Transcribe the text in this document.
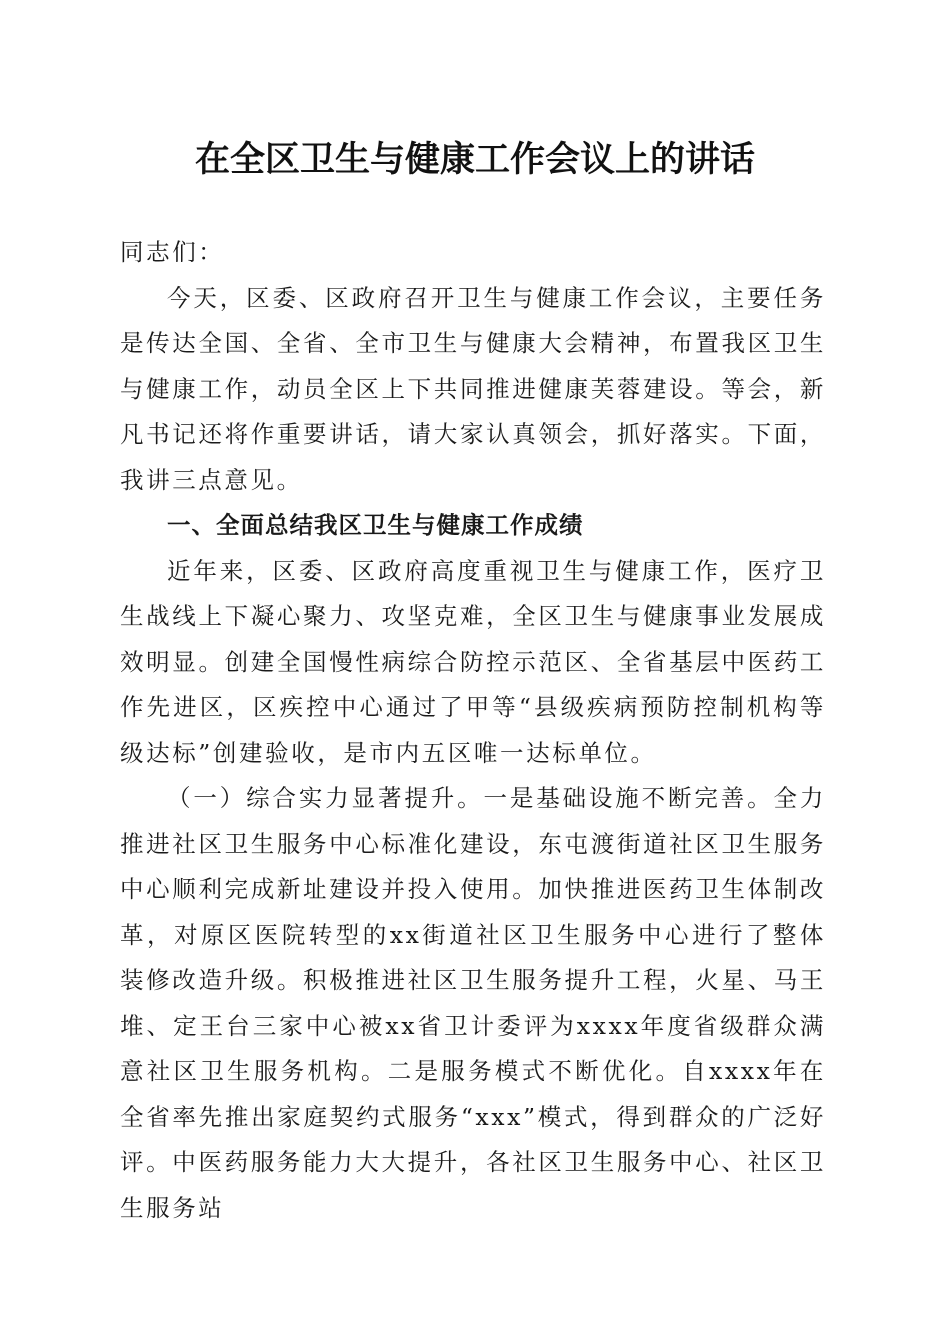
在全区卫生与健康工作会议上的讲话

同志们：

今天，区委、区政府召开卫生与健康工作会议，主要任务是传达全国、全省、全市卫生与健康大会精神，布置我区卫生与健康工作，动员全区上下共同推进健康芙蓉建设。等会，新凡书记还将作重要讲话，请大家认真领会，抓好落实。下面，我讲三点意见。

一、全面总结我区卫生与健康工作成绩

近年来，区委、区政府高度重视卫生与健康工作，医疗卫生战线上下凝心聚力、攻坚克难，全区卫生与健康事业发展成效明显。创建全国慢性病综合防控示范区、全省基层中医药工作先进区，区疾控中心通过了甲等“县级疾病预防控制机构等级达标”创建验收，是市内五区唯一达标单位。

（一）综合实力显著提升。一是基础设施不断完善。全力推进社区卫生服务中心标准化建设，东屯渡街道社区卫生服务中心顺利完成新址建设并投入使用。加快推进医药卫生体制改革，对原区医院转型的xx街道社区卫生服务中心进行了整体装修改造升级。积极推进社区卫生服务提升工程，火星、马王堆、定王台三家中心被xx省卫计委评为xxxx年度省级群众满意社区卫生服务机构。二是服务模式不断优化。自xxxx年在全省率先推出家庭契约式服务“xxx”模式，得到群众的广泛好评。中医药服务能力大大提升，各社区卫生服务中心、社区卫生服务站
